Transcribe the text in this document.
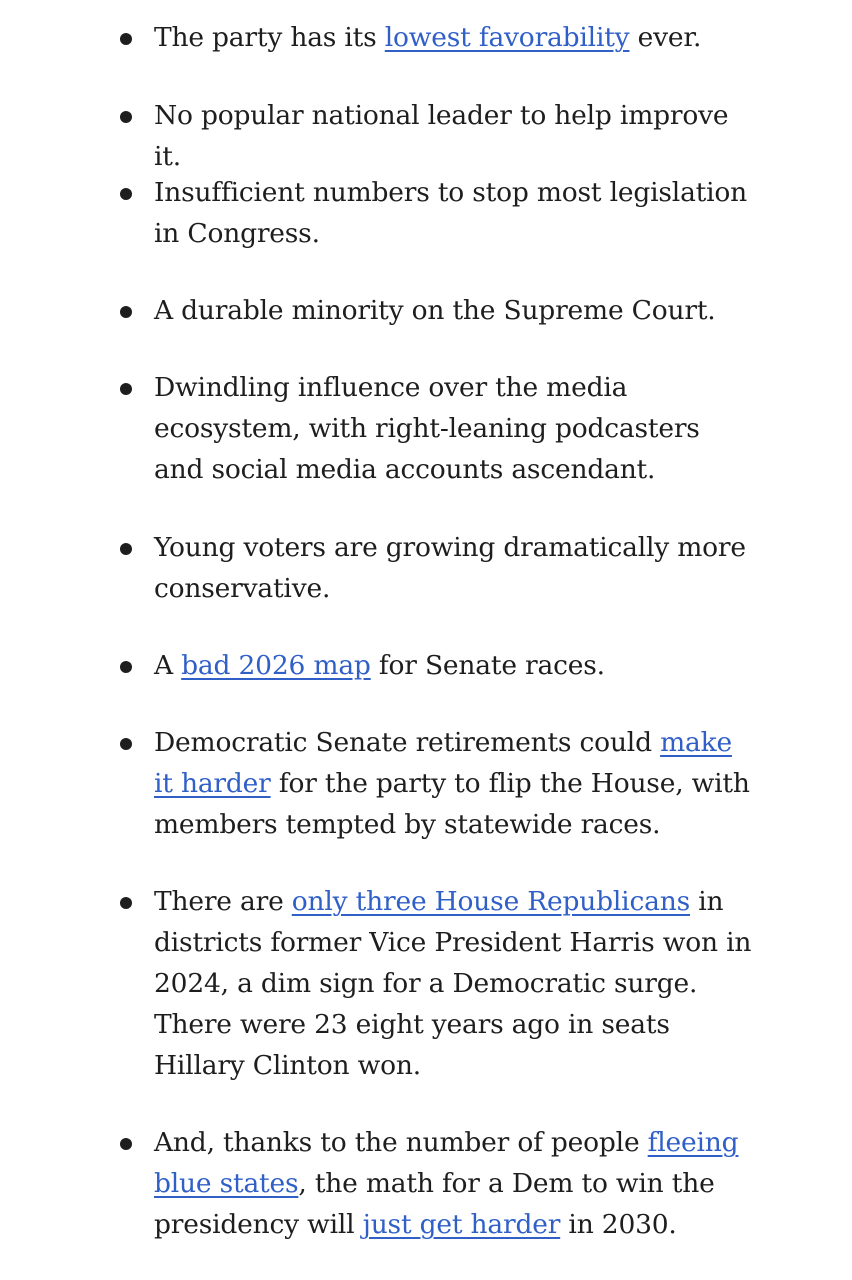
The party has its lowest favorability ever.
No popular national leader to help improve it.
Insufficient numbers to stop most legislation in Congress.
A durable minority on the Supreme Court.
Dwindling influence over the media ecosystem, with right-leaning podcasters and social media accounts ascendant.
Young voters are growing dramatically more conservative.
A bad 2026 map for Senate races.
Democratic Senate retirements could make it harder for the party to flip the House, with members tempted by statewide races.
There are only three House Republicans in districts former Vice President Harris won in 2024, a dim sign for a Democratic surge. There were 23 eight years ago in seats Hillary Clinton won.
And, thanks to the number of people fleeing blue states, the math for a Dem to win the presidency will just get harder in 2030.
